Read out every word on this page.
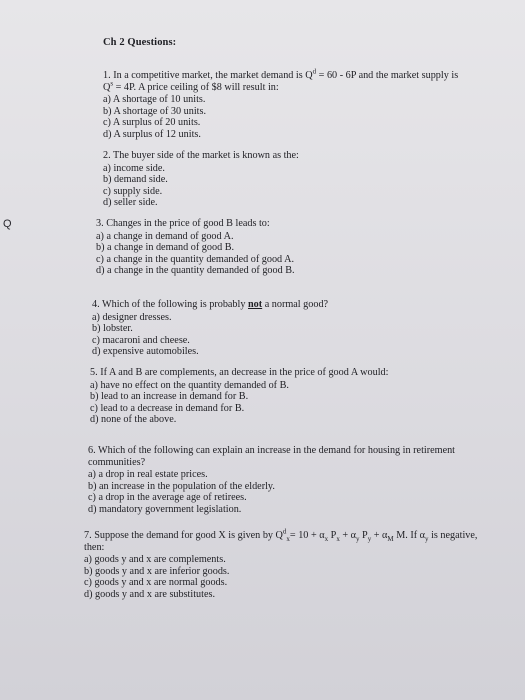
Ch 2 Questions:
Q
1. In a competitive market, the market demand is $Q^d = 60 - 6P$ and the market supply is
$Q^s = 4P$. A price ceiling of $8 will result in:
a) A shortage of 10 units.
b) A shortage of 30 units.
c) A surplus of 20 units.
d) A surplus of 12 units.
2. The buyer side of the market is known as the:
a) income side.
b) demand side.
c) supply side.
d) seller side.
3. Changes in the price of good B leads to:
a) a change in demand of good A.
b) a change in demand of good B.
c) a change in the quantity demanded of good A.
d) a change in the quantity demanded of good B.
4. Which of the following is probably not a normal good?
a) designer dresses.
b) lobster.
c) macaroni and cheese.
d) expensive automobiles.
5. If A and B are complements, an decrease in the price of good A would:
a) have no effect on the quantity demanded of B.
b) lead to an increase in demand for B.
c) lead to a decrease in demand for B.
d) none of the above.
6. Which of the following can explain an increase in the demand for housing in retirement
communities?
a) a drop in real estate prices.
b) an increase in the population of the elderly.
c) a drop in the average age of retirees.
d) mandatory government legislation.
7. Suppose the demand for good X is given by $Q^d_x= 10 + \alpha_x$ $P_x + \alpha_y$ $P_y + \alpha_M$ M. If $\alpha_y$ is negative,
then:
a) goods y and x are complements.
b) goods y and x are inferior goods.
c) goods y and x are normal goods.
d) goods y and x are substitutes.
